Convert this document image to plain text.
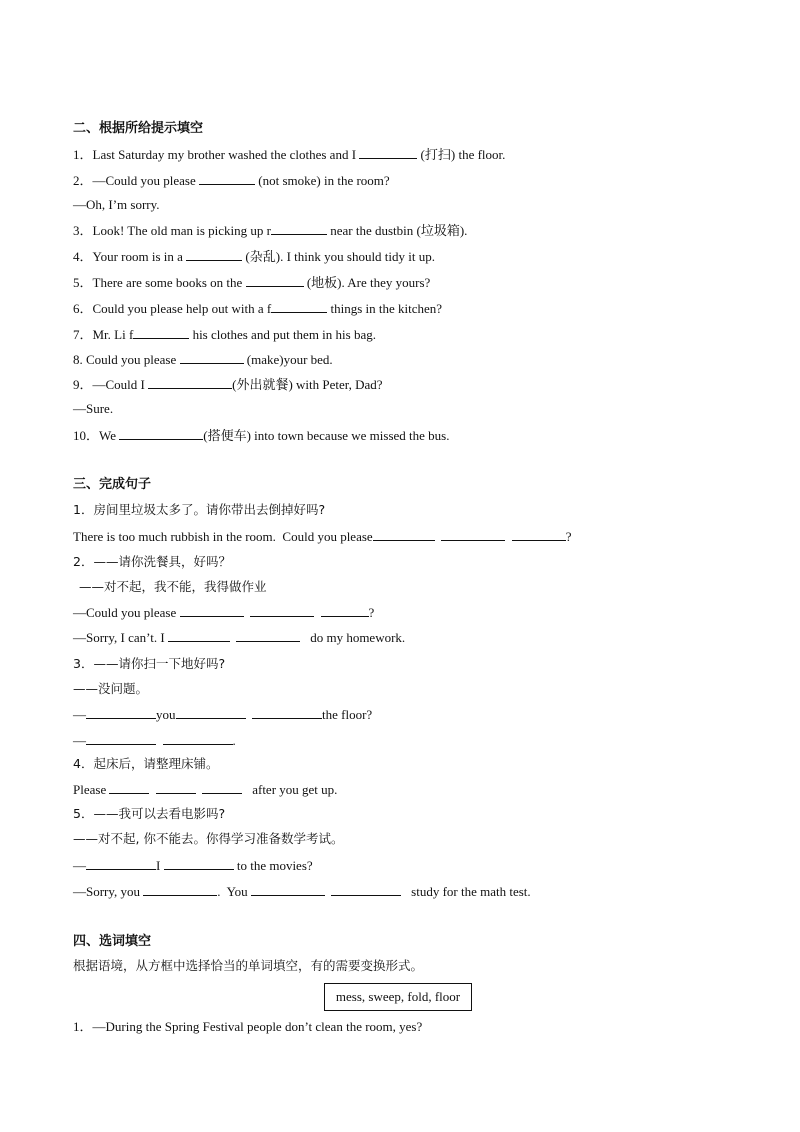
二、根据所给提示填空
1．Last Saturday my brother washed the clothes and I	(打扫) the floor.
2．—Could you please	(not smoke) in the room?
—Oh, I’m sorry.
3．Look! The old man is picking up r	near the dustbin (垃圾箱).
4．Your room is in a	(杂乱). I think you should tidy it up.
5．There are some books on the	(地板). Are they yours?
6．Could you please help out with a f	things in the kitchen?
7．Mr. Li f	his clothes and put them in his bag.
8. Could you please	(make)your bed.
9．—Could I	(外出就餐) with Peter, Dad?
—Sure.
10．We	(搭便车) into town because we missed the bus.
三、完成句子
1．房间里垃圾太多了。请你带出去倒掉好吗?
There is too much rubbish in the room.  Could you please	?
2．——请你洗餐具，好吗？
——对不起，我不能，我得做作业
—Could you please	?
—Sorry, I can’t. I	do my homework.
3．——请你扫一下地好吗?
——没问题。
—	you	the floor?
—	.
4．起床后，请整理床铺。
Please	after you get up.
5．——我可以去看电影吗?
——对不起, 你不能去。你得学习准备数学考试。
—	I	to the movies?
—Sorry, you	.  You	study for the math test.
四、选词填空
根据语境，从方框中选择恰当的单词填空，有的需要变换形式。
mess, sweep, fold, floor
1．—During the Spring Festival people don’t clean the room, yes?
